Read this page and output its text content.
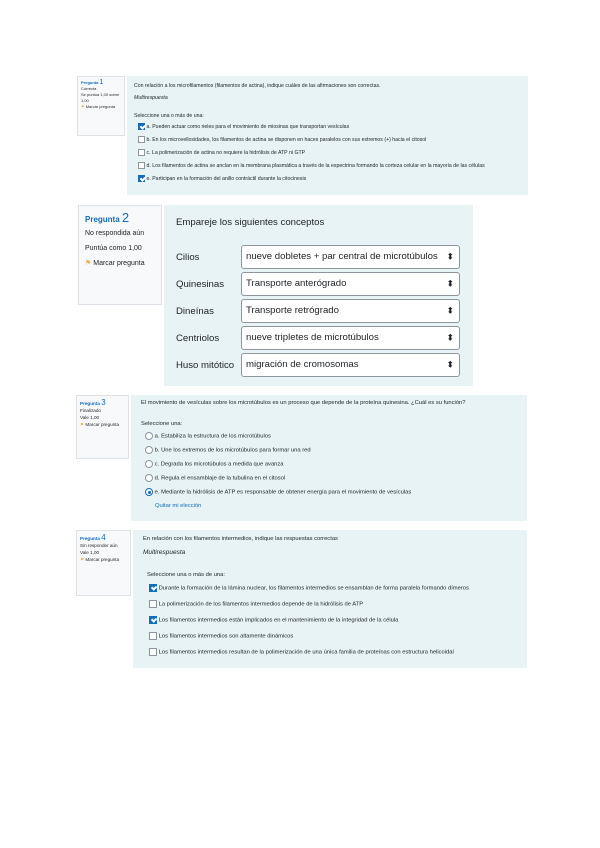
Pregunta 1
Correcta
Se puntúa 1,00 sobre 1,00
⚑ Marcar pregunta
Con relación a los microfilamentos (filamentos de actina), indique cuáles de las afirmaciones son correctas.
Multirespuesta
Seleccione una o más de una:
a. Pueden actuar como rieles para el movimiento de miosinas que transportan vesículas
b. En los microvellosidades, los filamentos de actina se disponen en haces paralelos con sus extremos (+) hacia el citosol
c. La polimerización de actina no requiere la hidrólisis de ATP ni GTP
d. Los filamentos de actina se anclan en la membrana plasmática a través de la espectrina formando la corteza celular en la mayoría de las células
e. Participan en la formación del anillo contráctil durante la citocinesis
Pregunta 2
No respondida aún
Puntúa como 1,00
⚑ Marcar pregunta
Empareje los siguientes conceptos
Cilios	nueve dobletes + par central de microtúbulos ⬍
Quinesinas	Transporte anterógrado	⬍
Dineínas	Transporte retrógrado	⬍
Centriolos	nueve tripletes de microtúbulos	⬍
Huso mitótico	migración de cromosomas	⬍
Pregunta 3
Finalizado
Vale 1,00
⚑ Marcar pregunta
El movimiento de vesículas sobre los microtúbulos es un proceso que depende de la proteína quinesina. ¿Cuál es su función?
Seleccione una:
a. Estabiliza la estructura de los microtúbulos
b. Une los extremos de los microtúbulos para formar una red
c. Degrada los microtúbulos a medida que avanza
d. Regula el ensamblaje de la tubulina en el citosol
e. Mediante la hidrólisis de ATP es responsable de obtener energía para el movimiento de vesículas
Quitar mi elección
Pregunta 4
Sin responder aún
Vale 1,00
⚑ Marcar pregunta
En relación con los filamentos intermedios, indique las respuestas correctas
Multirespuesta
Seleccione una o más de una:
Durante la formación de la lámina nuclear, los filamentos intermedios se ensamblan de forma paralela formando dímeros
La polimerización de los filamentos intermedios depende de la hidrólisis de ATP
Los filamentos intermedios están implicados en el mantenimiento de la integridad de la célula
Los filamentos intermedios son altamente dinámicos
Los filamentos intermedios resultan de la polimerización de una única familia de proteínas con estructura helicoidal
